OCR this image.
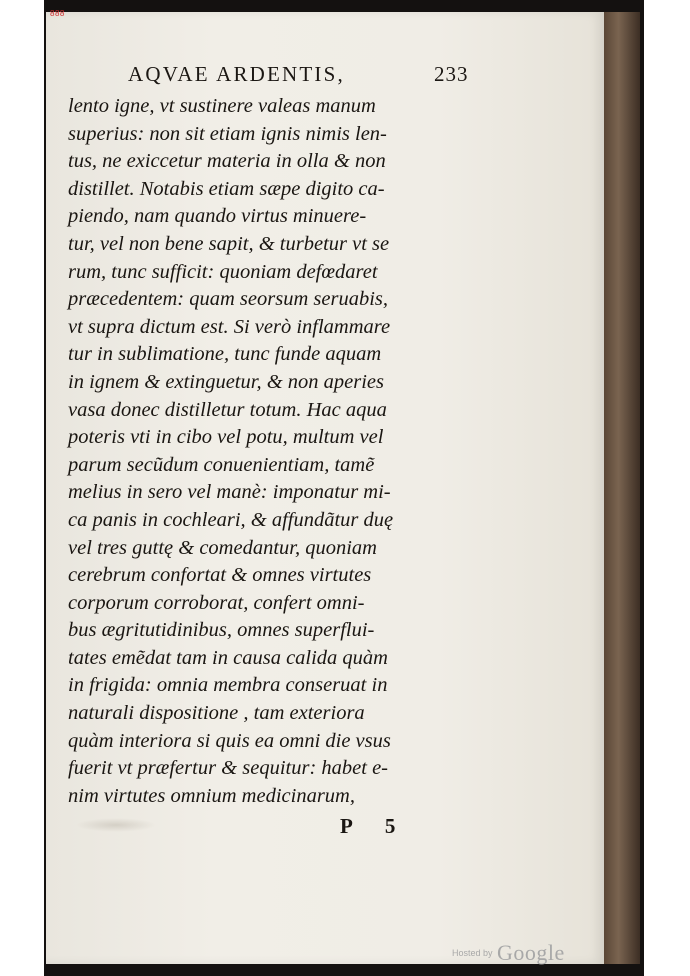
888
AQVAE ARDENTIS,	233
lento igne, vt sustinere valeas manum
superius: non sit etiam ignis nimis len-
tus, ne exiccetur materia in olla & non
distillet. Notabis etiam sæpe digito ca-
piendo, nam quando virtus minuere-
tur, vel non bene sapit, & turbetur vt se
rum, tunc sufficit: quoniam defœdaret
præcedentem: quam seorsum seruabis,
vt supra dictum est. Si verò inflammare
tur in sublimatione, tunc funde aquam
in ignem & extinguetur, & non aperies
vasa donec distilletur totum. Hac aqua
poteris vti in cibo vel potu, multum vel
parum secũdum conuenientiam, tamẽ
melius in sero vel manè: imponatur mi-
ca panis in cochleari, & affundãtur duę
vel tres guttę & comedantur, quoniam
cerebrum confortat & omnes virtutes
corporum corroborat, confert omni-
bus ægritutidinibus, omnes superflui-
tates emẽdat tam in causa calida quàm
in frigida: omnia membra conseruat in
naturali dispositione , tam exteriora
quàm interiora si quis ea omni die vsus
fuerit vt præfertur & sequitur: habet e-
nim virtutes omnium medicinarum,
P 5
Hosted by Google
